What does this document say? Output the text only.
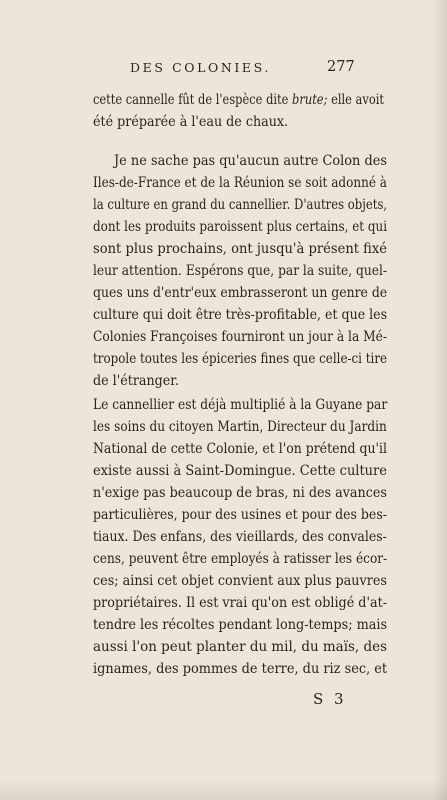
DES COLONIES.	277
cette cannelle fût de l'espèce dite brute; elle avoit
été préparée à l'eau de chaux.
Je ne sache pas qu'aucun autre Colon des
Iles-de-France et de la Réunion se soit adonné à
la culture en grand du cannellier. D'autres objets,
dont les produits paroissent plus certains, et qui
sont plus prochains, ont jusqu'à présent fixé
leur attention. Espérons que, par la suite, quel-
ques uns d'entr'eux embrasseront un genre de
culture qui doit être très-profitable, et que les
Colonies Françoises fourniront un jour à la Mé-
tropole toutes les épiceries fines que celle-ci tire
de l'étranger.
Le cannellier est déjà multiplié à la Guyane par
les soins du citoyen Martin, Directeur du Jardin
National de cette Colonie, et l'on prétend qu'il
existe aussi à Saint-Domingue. Cette culture
n'exige pas beaucoup de bras, ni des avances
particulières, pour des usines et pour des bes-
tiaux. Des enfans, des vieillards, des convales-
cens, peuvent être employés à ratisser les écor-
ces; ainsi cet objet convient aux plus pauvres
propriétaires. Il est vrai qu'on est obligé d'at-
tendre les récoltes pendant long-temps; mais
aussi l'on peut planter du mil, du maïs, des
ignames, des pommes de terre, du riz sec, et
S 3
